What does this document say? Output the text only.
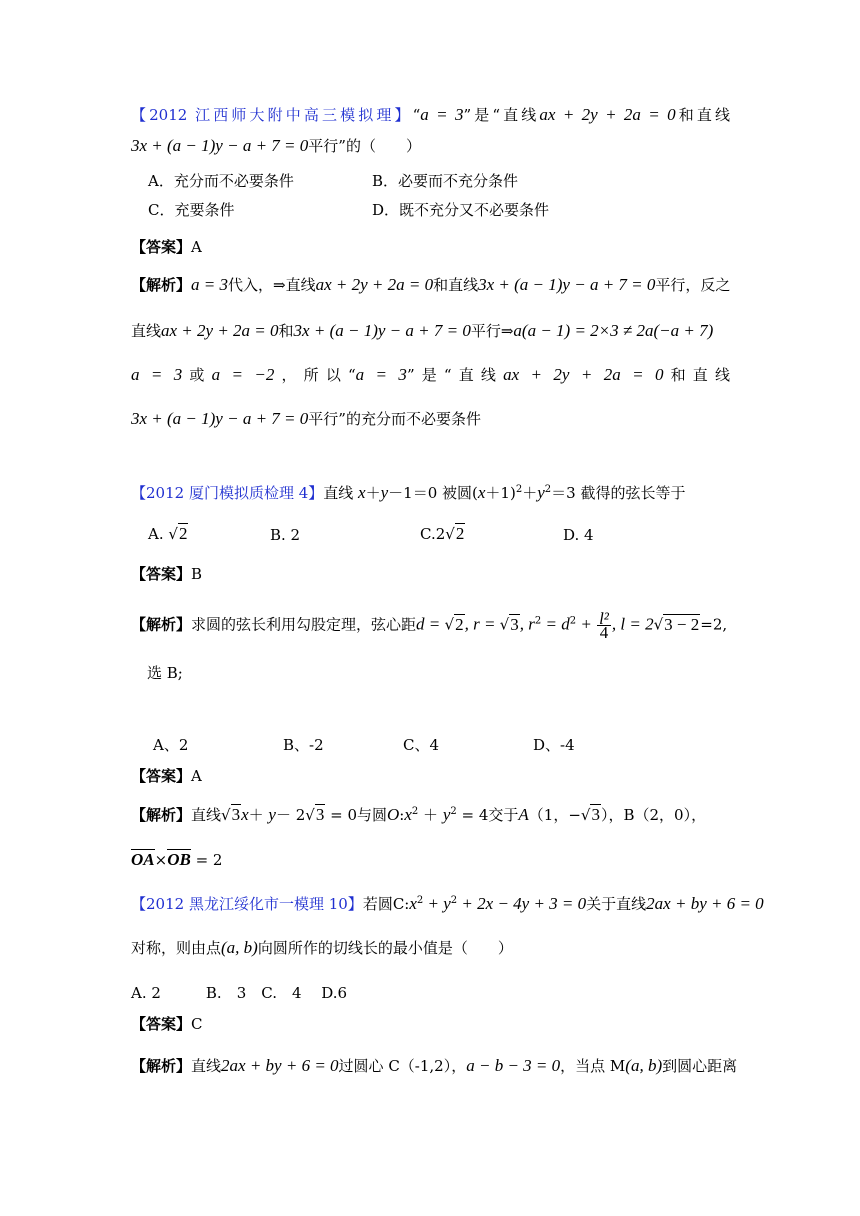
【2012 江西师大附中高三模拟理】“a = 3”是“直线ax + 2y + 2a = 0和直线
3x + (a − 1)y − a + 7 = 0平行”的（　　）
A．充分而不必要条件	B．必要而不充分条件
C．充要条件	D．既不充分又不必要条件
【答案】A
【解析】a = 3代入，⇒直线ax + 2y + 2a = 0和直线3x + (a − 1)y − a + 7 = 0平行，反之
直线ax + 2y + 2a = 0和3x + (a − 1)y − a + 7 = 0平行⇒a(a − 1) = 2×3 ≠ 2a(−a + 7)
a = 3或a = −2，所以“a = 3”是“直线ax + 2y + 2a = 0和直线
3x + (a − 1)y − a + 7 = 0平行”的充分而不必要条件
【2012 厦门模拟质检理 4】直线 x＋y－1＝0 被圆$(x+1)^2+y^2=3$ 截得的弦长等于
A. √2	B. 2	C.2√2	D. 4
【答案】B
【解析】求圆的弦长利用勾股定理，弦心距d = √2, r = √3, $r^2 = d^2 + \frac{\text{l²}}{4}$ , l = 2√3 − 2=2,
选 B;
A、2	B、-2	C、4	D、-4
【答案】A
【解析】直线√3x＋ y－ 2√3 = 0与圆$O:x^2 + y^2 = 4$交于A（1，−√3），B（2，0），
OA×OB = 2
【2012 黑龙江绥化市一模理 10】若圆$C:x^2 + y^2 + 2x - 4y + 3 = 0$关于直线2ax + by + 6 = 0
对称，则由点(a, b)向圆所作的切线长的最小值是（　　）
A. 2　　　B.　3　C.　4　 D.6
【答案】C
【解析】直线2ax + by + 6 = 0过圆心 C（-1,2），a − b − 3 = 0，当点 M(a, b)到圆心距离
